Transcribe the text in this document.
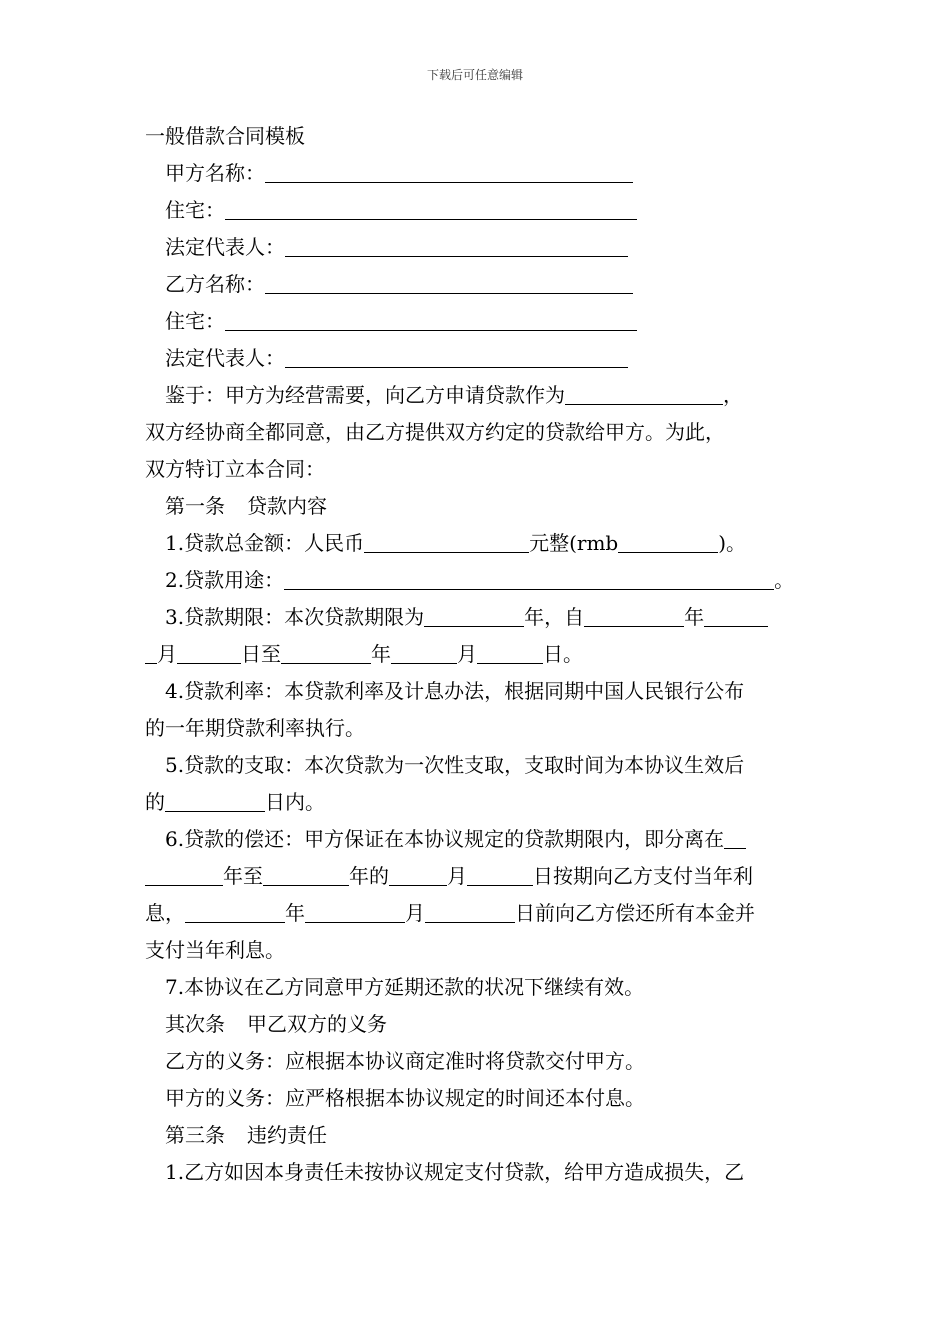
下载后可任意编辑
一般借款合同模板
甲方名称：
住宅：
法定代表人：
乙方名称：
住宅：
法定代表人：
鉴于：甲方为经营需要，向乙方申请贷款作为	，
双方经协商全都同意，由乙方提供双方约定的贷款给甲方。为此，
双方特订立本合同：
第一条 贷款内容
1.贷款总金额：人民币	元整(rmb	)。
2.贷款用途：	。
3.贷款期限：本次贷款期限为	年，自	年
月	日至	年	月	日。
4.贷款利率：本贷款利率及计息办法，根据同期中国人民银行公布
的一年期贷款利率执行。
5.贷款的支取：本次贷款为一次性支取，支取时间为本协议生效后
的	日内。
6.贷款的偿还：甲方保证在本协议规定的贷款期限内，即分离在
年至	年的	月	日按期向乙方支付当年利
息，	年	月	日前向乙方偿还所有本金并
支付当年利息。
7.本协议在乙方同意甲方延期还款的状况下继续有效。
其次条 甲乙双方的义务
乙方的义务：应根据本协议商定准时将贷款交付甲方。
甲方的义务：应严格根据本协议规定的时间还本付息。
第三条 违约责任
1.乙方如因本身责任未按协议规定支付贷款，给甲方造成损失，乙
